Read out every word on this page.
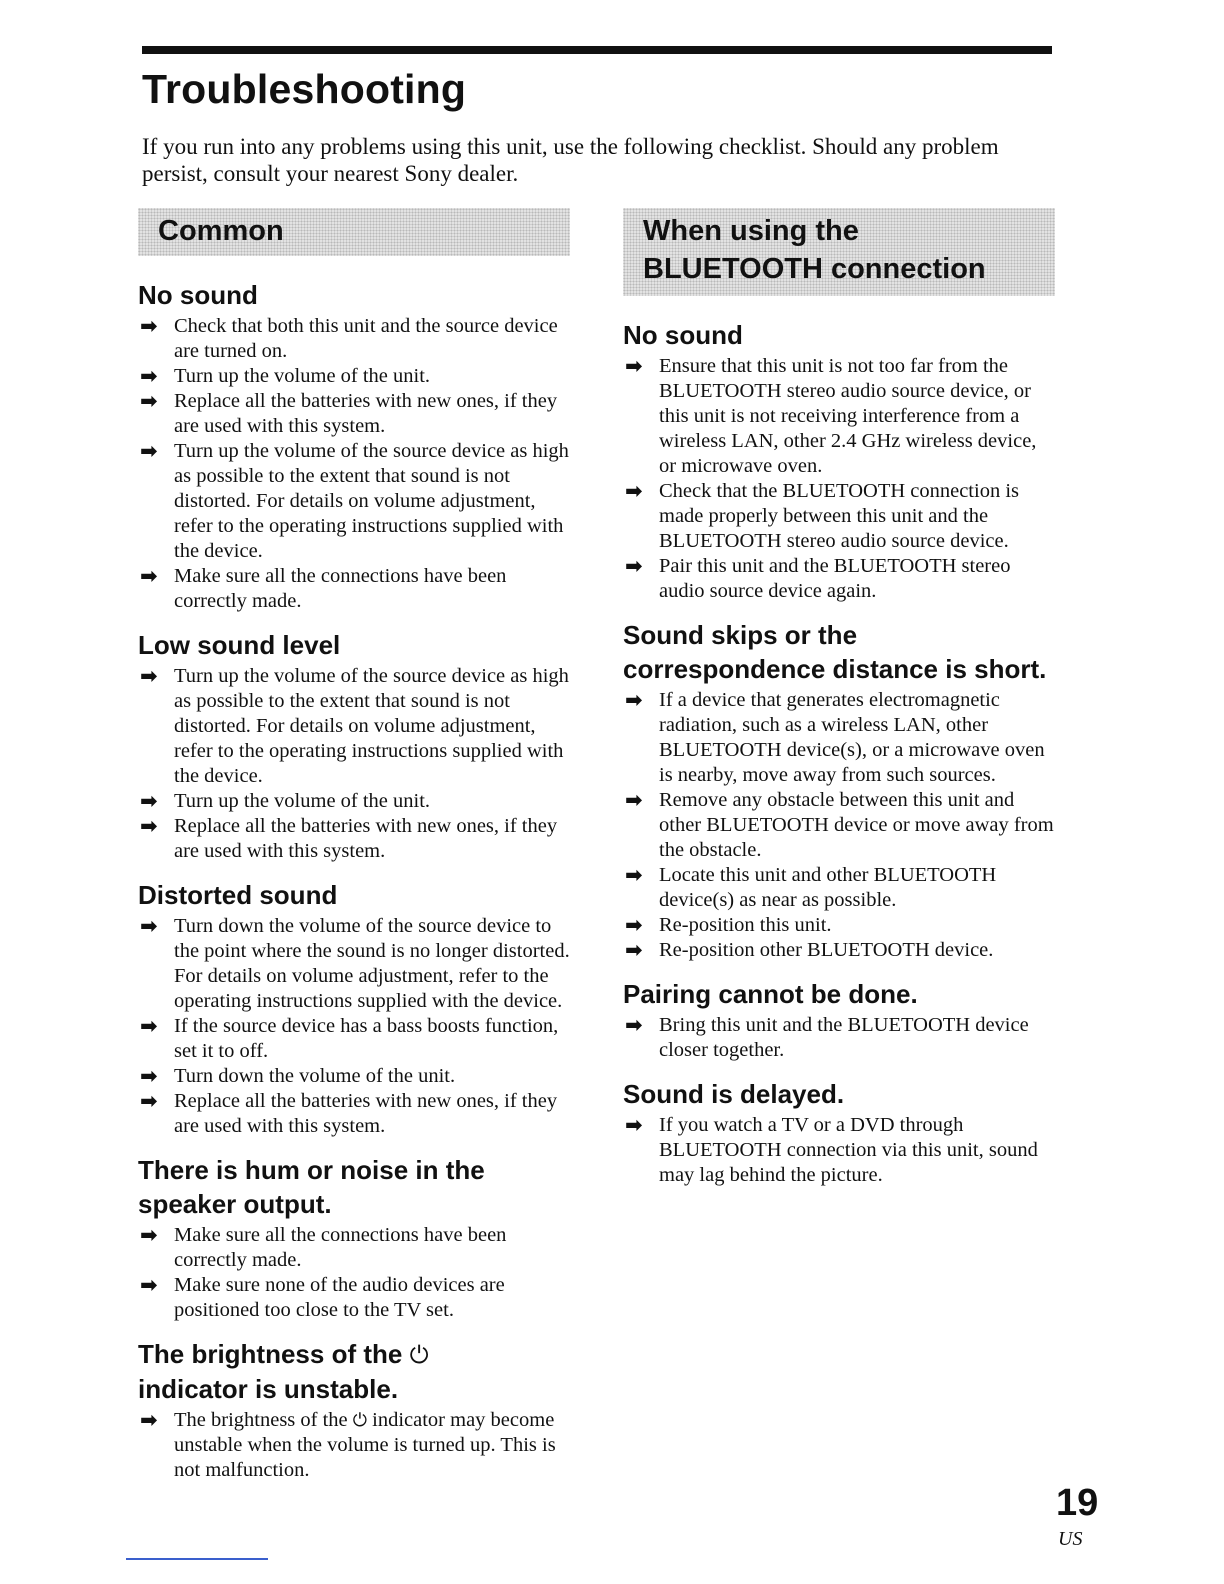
Troubleshooting

If you run into any problems using this unit, use the following checklist. Should any problem persist, consult your nearest Sony dealer.

Common
No sound
➡ Check that both this unit and the source device are turned on.
➡ Turn up the volume of the unit.
➡ Replace all the batteries with new ones, if they are used with this system.
➡ Turn up the volume of the source device as high as possible to the extent that sound is not distorted. For details on volume adjustment, refer to the operating instructions supplied with the device.
➡ Make sure all the connections have been correctly made.
Low sound level
➡ Turn up the volume of the source device as high as possible to the extent that sound is not distorted. For details on volume adjustment, refer to the operating instructions supplied with the device.
➡ Turn up the volume of the unit.
➡ Replace all the batteries with new ones, if they are used with this system.
Distorted sound
➡ Turn down the volume of the source device to the point where the sound is no longer distorted. For details on volume adjustment, refer to the operating instructions supplied with the device.
➡ If the source device has a bass boosts function, set it to off.
➡ Turn down the volume of the unit.
➡ Replace all the batteries with new ones, if they are used with this system.
There is hum or noise in the speaker output.
➡ Make sure all the connections have been correctly made.
➡ Make sure none of the audio devices are positioned too close to the TV set.
The brightness of the ⏻
indicator is unstable.
➡ The brightness of the ⏻ indicator may become unstable when the volume is turned up. This is not malfunction.
When using the
BLUETOOTH connection
No sound
➡ Ensure that this unit is not too far from the BLUETOOTH stereo audio source device, or this unit is not receiving interference from a wireless LAN, other 2.4 GHz wireless device, or microwave oven.
➡ Check that the BLUETOOTH connection is made properly between this unit and the BLUETOOTH stereo audio source device.
➡ Pair this unit and the BLUETOOTH stereo audio source device again.
Sound skips or the correspondence distance is short.
➡ If a device that generates electromagnetic radiation, such as a wireless LAN, other BLUETOOTH device(s), or a microwave oven is nearby, move away from such sources.
➡ Remove any obstacle between this unit and other BLUETOOTH device or move away from the obstacle.
➡ Locate this unit and other BLUETOOTH device(s) as near as possible.
➡ Re-position this unit.
➡ Re-position other BLUETOOTH device.
Pairing cannot be done.
➡ Bring this unit and the BLUETOOTH device closer together.
Sound is delayed.
➡ If you watch a TV or a DVD through BLUETOOTH connection via this unit, sound may lag behind the picture.
19
US
